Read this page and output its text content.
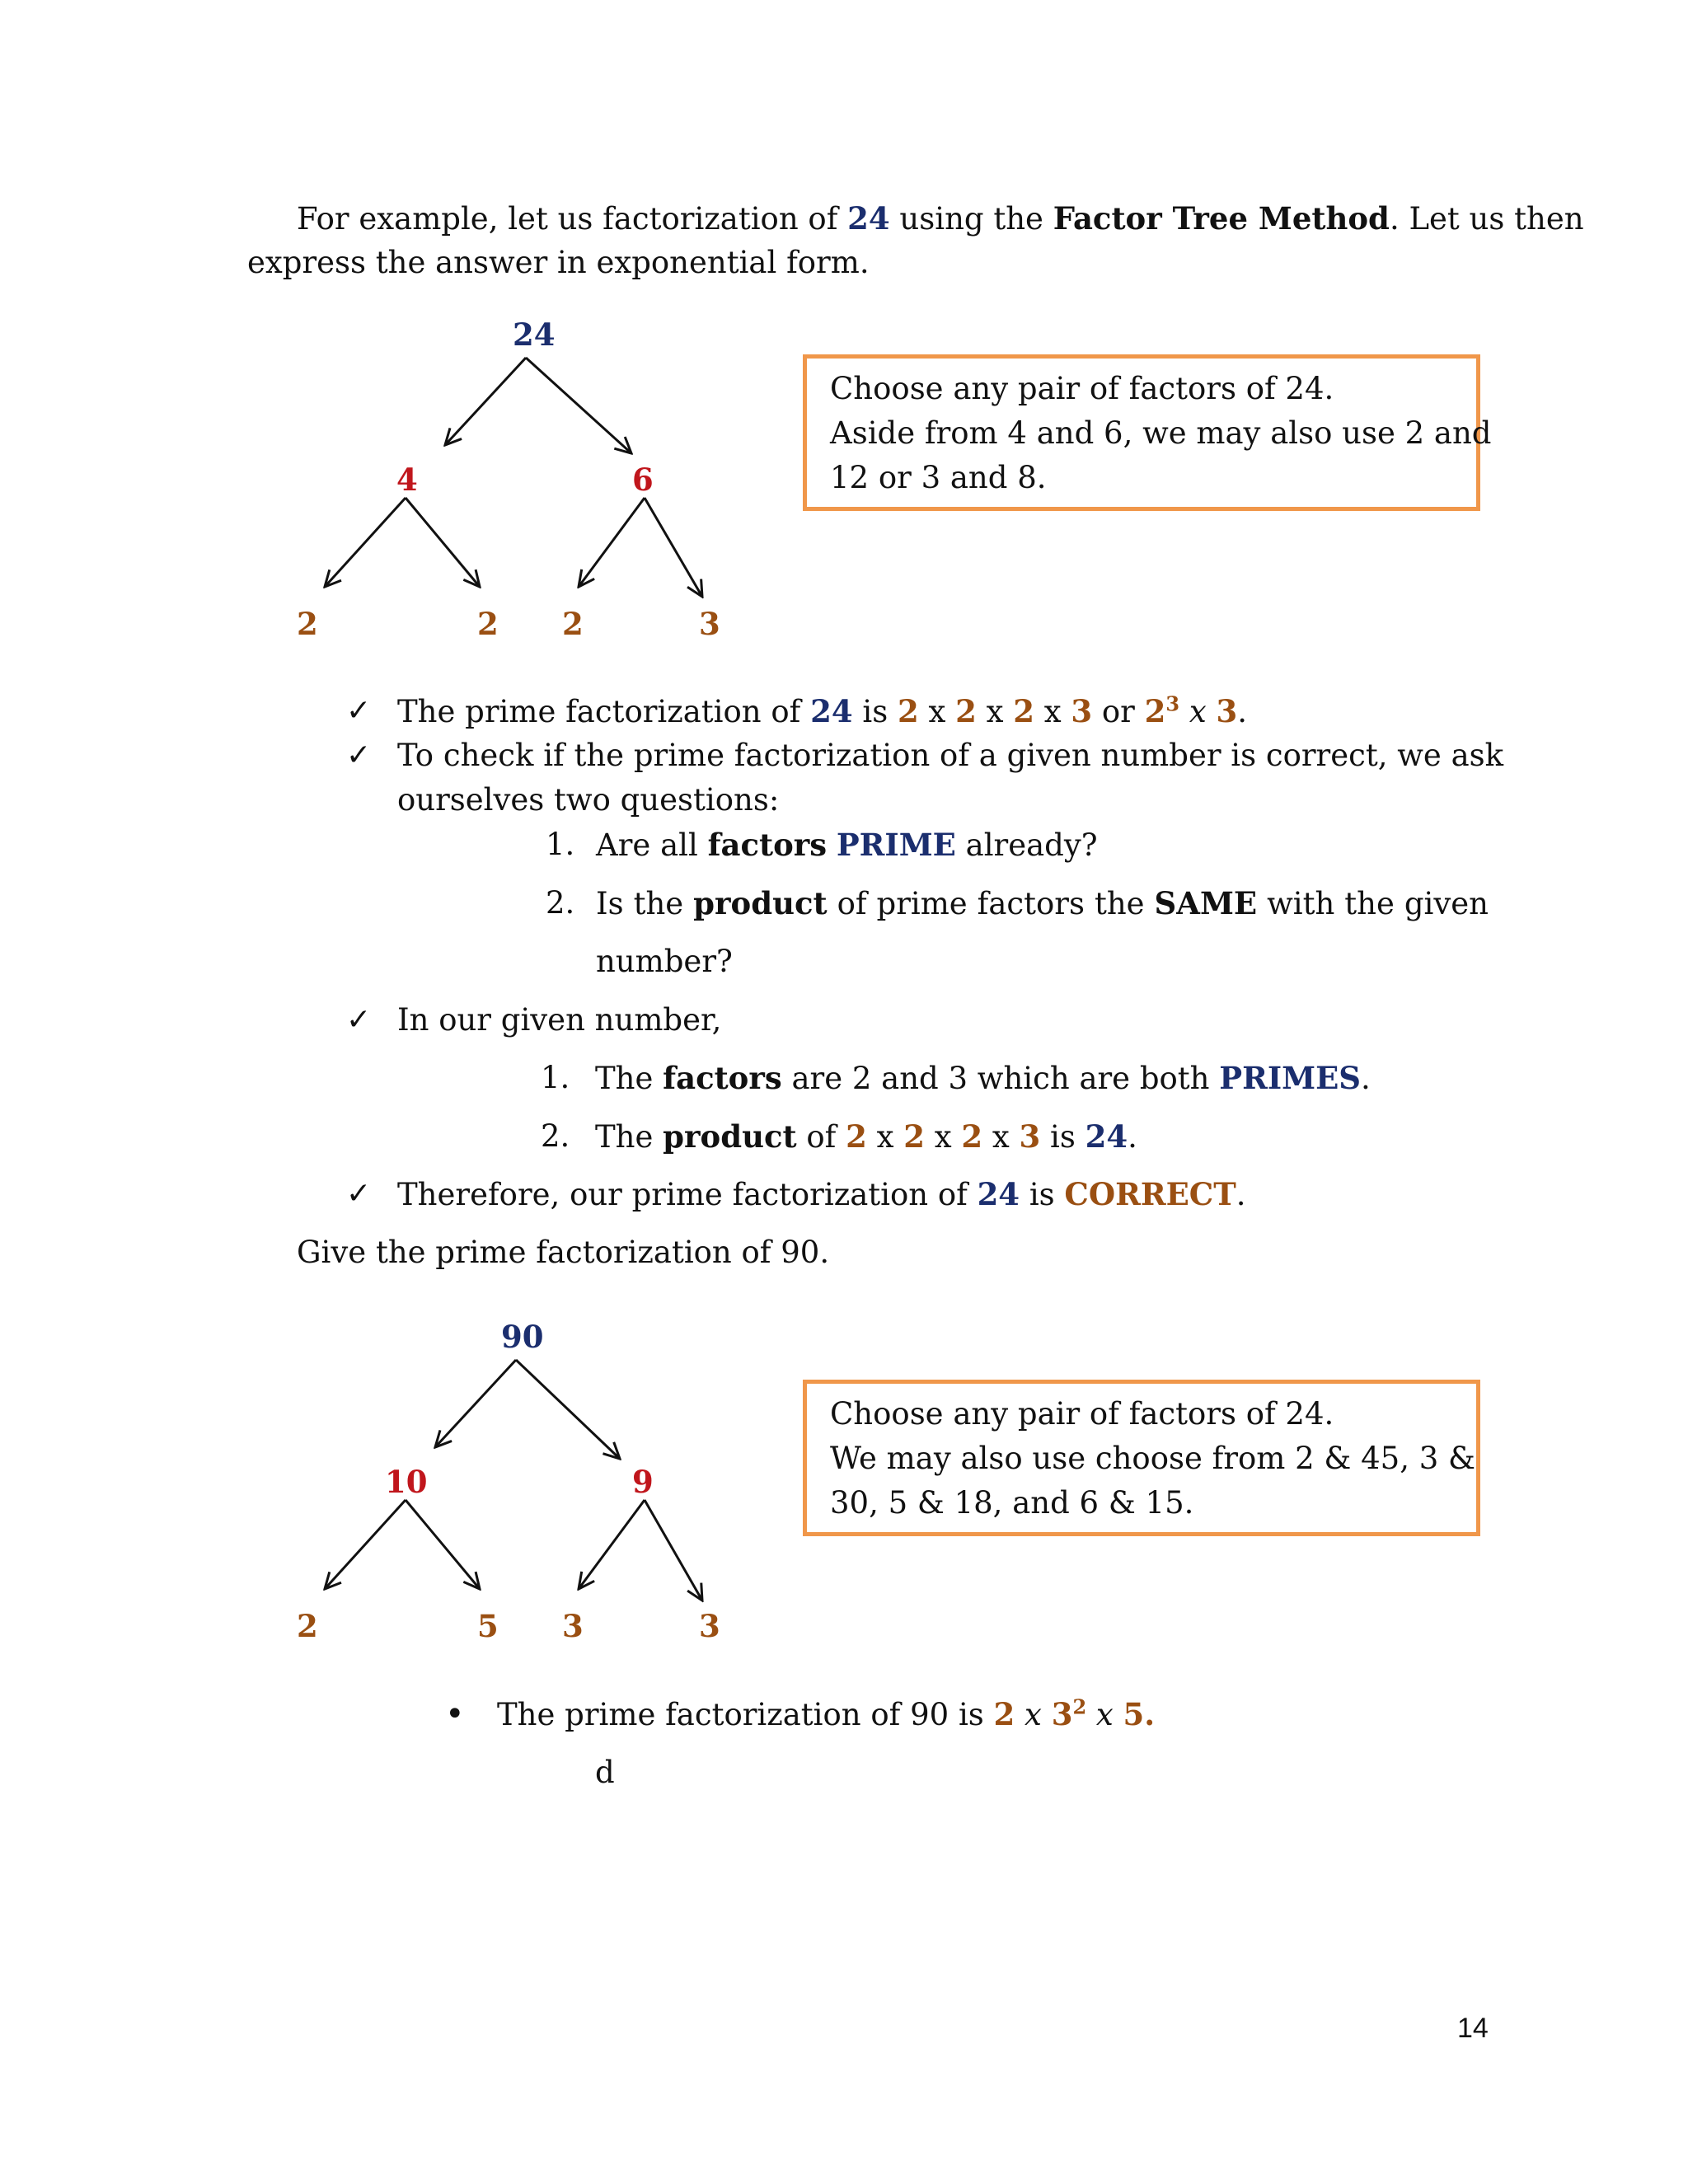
For example, let us factorization of 24 using the Factor Tree Method. Let us then
express the answer in exponential form.
24
4	6
2	2 2	3
Choose any pair of factors of 24.
Aside from 4 and 6, we may also use 2 and
12 or 3 and 8.
✓ The prime factorization of 24 is 2 x 2 x 2 x 3 or $2^3$ x 3.
✓ To check if the prime factorization of a given number is correct, we ask
ourselves two questions:
1. Are all factors PRIME already?
2. Is the product of prime factors the SAME with the given
number?
✓ In our given number,
1. The factors are 2 and 3 which are both PRIMES.
2. The product of 2 x 2 x 2 x 3 is 24.
✓ Therefore, our prime factorization of 24 is CORRECT.
Give the prime factorization of 90.
90
10	9
2	5 3	3
Choose any pair of factors of 24.
We may also use choose from 2 & 45, 3 &
30, 5 & 18, and 6 & 15.
• The prime factorization of 90 is 2 x $3^2$ x 5.
d
14
